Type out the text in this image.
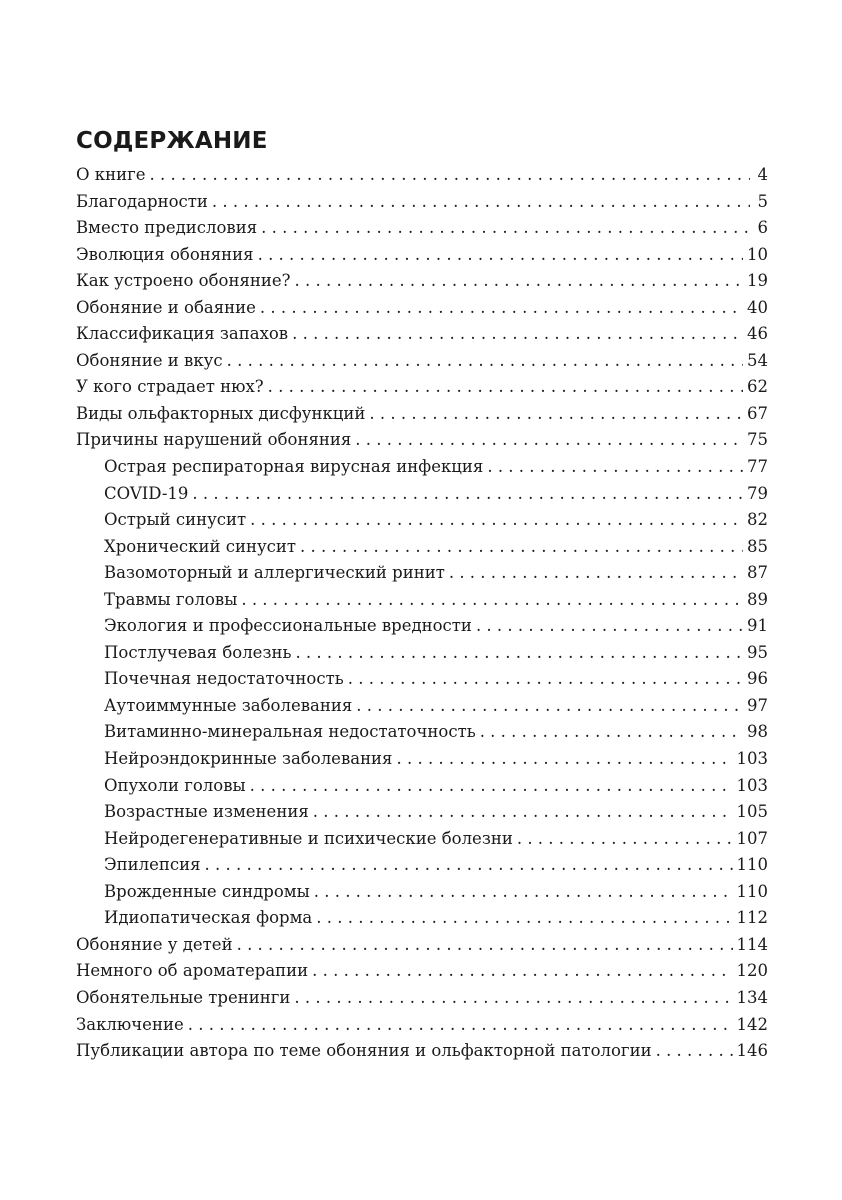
СОДЕРЖАНИЕ
О книге . . .	4
Благодарности . . .	5
Вместо предисловия . . .	6
Эволюция обоняния . . .	10
Как устроено обоняние? . . .	19
Обоняние и обаяние . . .	40
Классификация запахов . . .	46
Обоняние и вкус . . .	54
У кого страдает нюх? . . .	62
Виды ольфакторных дисфункций . . .	67
Причины нарушений обоняния . . .	75
Острая респираторная вирусная инфекция . . .	77
COVID-19 . . .	79
Острый синусит . . .	82
Хронический синусит . . .	85
Вазомоторный и аллергический ринит . . .	87
Травмы головы . . .	89
Экология и профессиональные вредности . . .	91
Постлучевая болезнь . . .	95
Почечная недостаточность . . .	96
Аутоиммунные заболевания . . .	97
Витаминно-минеральная недостаточность . . .	98
Нейроэндокринные заболевания . . .	103
Опухоли головы . . .	103
Возрастные изменения . . .	105
Нейродегенеративные и психические болезни . . .	107
Эпилепсия . . .	110
Врожденные синдромы . . .	110
Идиопатическая форма . . .	112
Обоняние у детей . . .	114
Немного об ароматерапии . . .	120
Обонятельные тренинги . . .	134
Заключение . . .	142
Публикации автора по теме обоняния и ольфакторной патологии . . .	146
